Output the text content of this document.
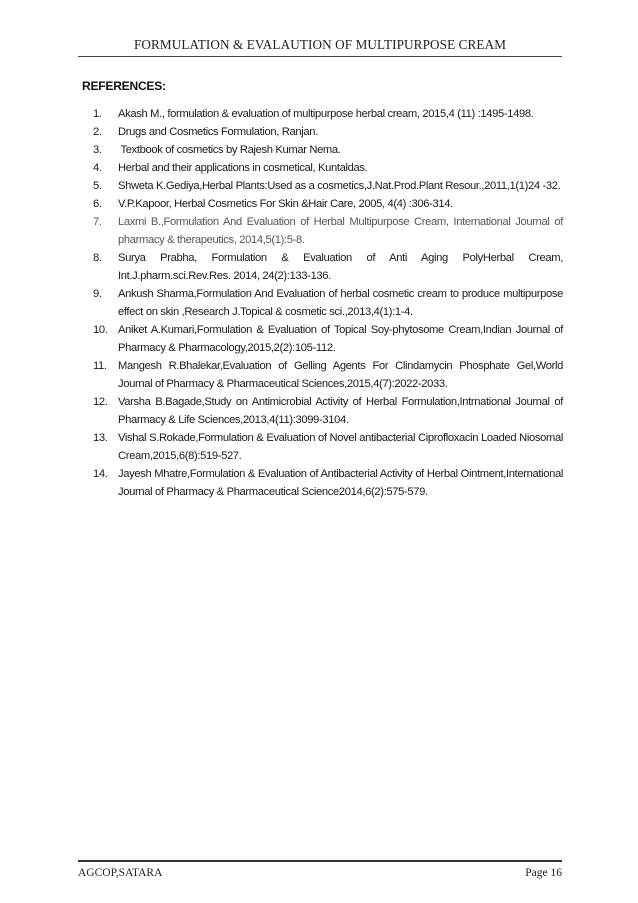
FORMULATION & EVALAUTION OF MULTIPURPOSE CREAM
REFERENCES:
1. Akash M., formulation & evaluation of multipurpose herbal cream, 2015,4 (11) :1495-1498.
2. Drugs and Cosmetics Formulation, Ranjan.
3. Textbook of cosmetics by Rajesh Kumar Nema.
4. Herbal and their applications in cosmetical, Kuntaldas.
5. Shweta K.Gediya,Herbal Plants:Used as a cosmetics,J.Nat.Prod.Plant Resour.,2011,1(1)24 -32.
6. V.P.Kapoor, Herbal Cosmetics For Skin &Hair Care, 2005, 4(4) :306-314.
7. Laxmi B.,Formulation And Evaluation of Herbal Multipurpose Cream, International Journal of pharmacy & therapeutics, 2014,5(1):5-8.
8. Surya Prabha, Formulation & Evaluation of Anti Aging PolyHerbal Cream, Int.J.pharm.sci.Rev.Res. 2014, 24(2):133-136.
9. Ankush Sharma,Formulation And Evaluation of herbal cosmetic cream to produce multipurpose effect on skin ,Research J.Topical & cosmetic sci.,2013,4(1):1-4.
10. Aniket A.Kumari,Formulation & Evaluation of Topical Soy-phytosome Cream,Indian Journal of Pharmacy & Pharmacology,2015,2(2):105-112.
11. Mangesh R.Bhalekar,Evaluation of Gelling Agents For Clindamycin Phosphate Gel,World Journal of Pharmacy & Pharmaceutical Sciences,2015,4(7):2022-2033.
12. Varsha B.Bagade,Study on Antimicrobial Activity of Herbal Formulation,Intrnational Journal of Pharmacy & Life Sciences,2013,4(11):3099-3104.
13. Vishal S.Rokade,Formulation & Evaluation of Novel antibacterial Ciprofloxacin Loaded Niosomal Cream,2015,6(8):519-527.
14. Jayesh Mhatre,Formulation & Evaluation of Antibacterial Activity of Herbal Ointment,International Journal of Pharmacy & Pharmaceutical Science2014,6(2):575-579.
AGCOP,SATARA	Page 16
